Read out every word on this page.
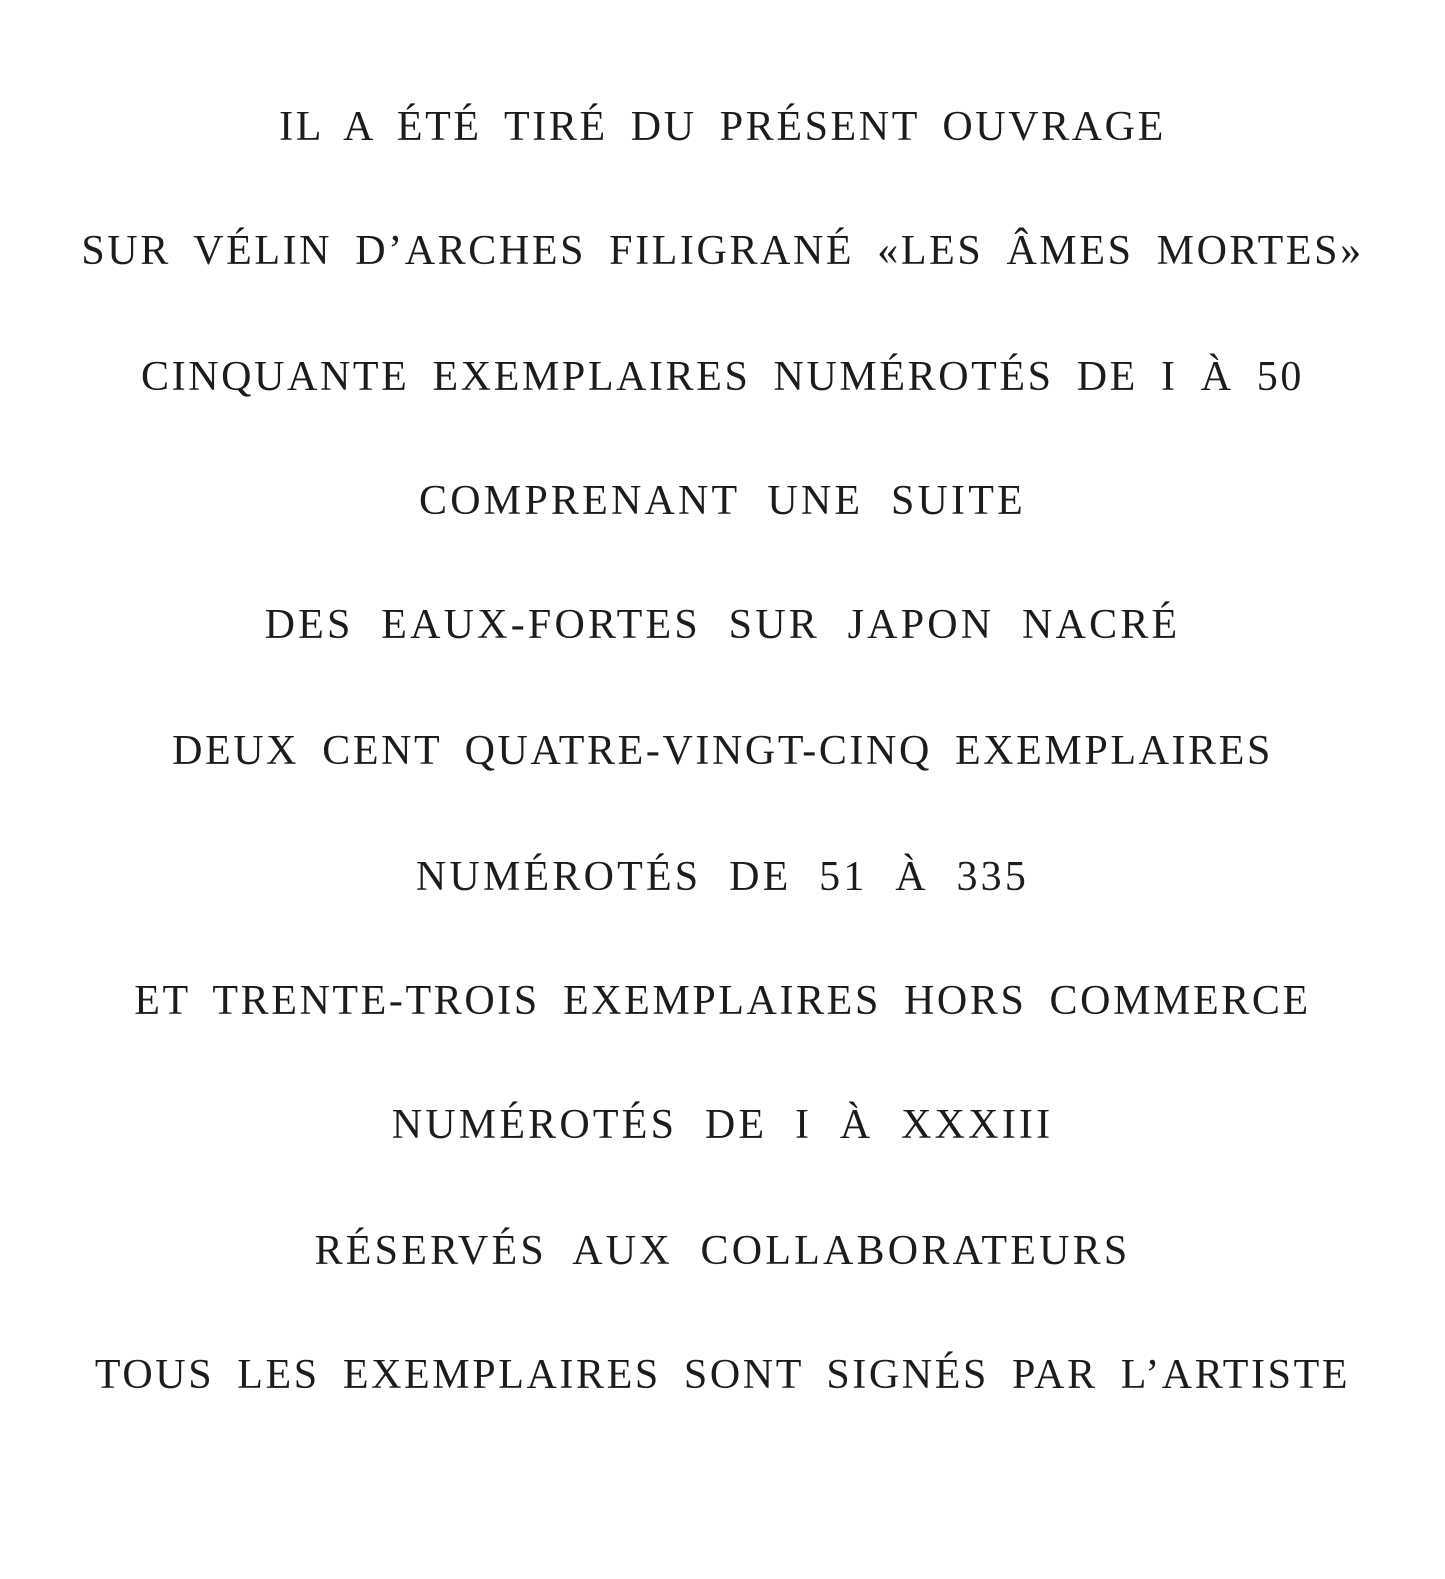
IL A ÉTÉ TIRÉ DU PRÉSENT OUVRAGE
SUR VÉLIN D’ARCHES FILIGRANÉ «LES ÂMES MORTES»
CINQUANTE EXEMPLAIRES NUMÉROTÉS DE I À 50
COMPRENANT UNE SUITE
DES EAUX-FORTES SUR JAPON NACRÉ
DEUX CENT QUATRE-VINGT-CINQ EXEMPLAIRES
NUMÉROTÉS DE 51 À 335
ET TRENTE-TROIS EXEMPLAIRES HORS COMMERCE
NUMÉROTÉS DE I À XXXIII
RÉSERVÉS AUX COLLABORATEURS
TOUS LES EXEMPLAIRES SONT SIGNÉS PAR L’ARTISTE
